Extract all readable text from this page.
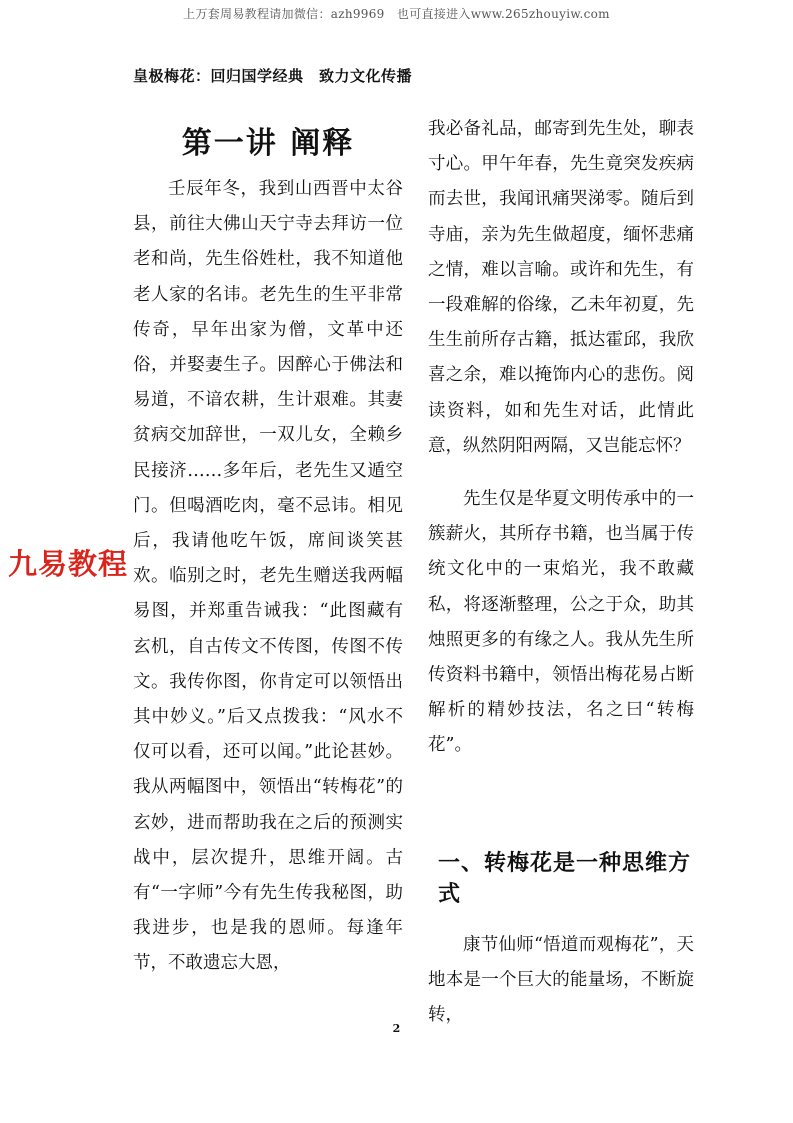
上万套周易教程请加微信：azh9969　也可直接进入www.265zhouyiw.com
皇极梅花：回归国学经典　致力文化传播
第一讲 阐释

壬辰年冬，我到山西晋中太谷县，前往大佛山天宁寺去拜访一位老和尚，先生俗姓杜，我不知道他老人家的名讳。老先生的生平非常传奇，早年出家为僧，文革中还俗，并娶妻生子。因醉心于佛法和易道，不谙农耕，生计艰难。其妻贫病交加辞世，一双儿女，全赖乡民接济……多年后，老先生又遁空门。但喝酒吃肉，毫不忌讳。相见后，我请他吃午饭，席间谈笑甚欢。临别之时，老先生赠送我两幅易图，并郑重告诫我：“此图藏有玄机，自古传文不传图，传图不传文。我传你图，你肯定可以领悟出其中妙义。”后又点拨我：“风水不仅可以看，还可以闻。”此论甚妙。我从两幅图中，领悟出“转梅花”的玄妙，进而帮助我在之后的预测实战中，层次提升，思维开阔。古有“一字师”今有先生传我秘图，助我进步，也是我的恩师。每逢年节，不敢遗忘大恩，

我必备礼品，邮寄到先生处，聊表寸心。甲午年春，先生竟突发疾病而去世，我闻讯痛哭涕零。随后到寺庙，亲为先生做超度，缅怀悲痛之情，难以言喻。或许和先生，有一段难解的俗缘，乙未年初夏，先生生前所存古籍，抵达霍邱，我欣喜之余，难以掩饰内心的悲伤。阅读资料，如和先生对话，此情此意，纵然阴阳两隔，又岂能忘怀？

先生仅是华夏文明传承中的一簇薪火，其所存书籍，也当属于传统文化中的一束焰光，我不敢藏私，将逐渐整理，公之于众，助其烛照更多的有缘之人。我从先生所传资料书籍中，领悟出梅花易占断解析的精妙技法，名之曰“转梅花”。

一、转梅花是一种思维方式

康节仙师“悟道而观梅花”，天地本是一个巨大的能量场，不断旋转，

九易教程
2
